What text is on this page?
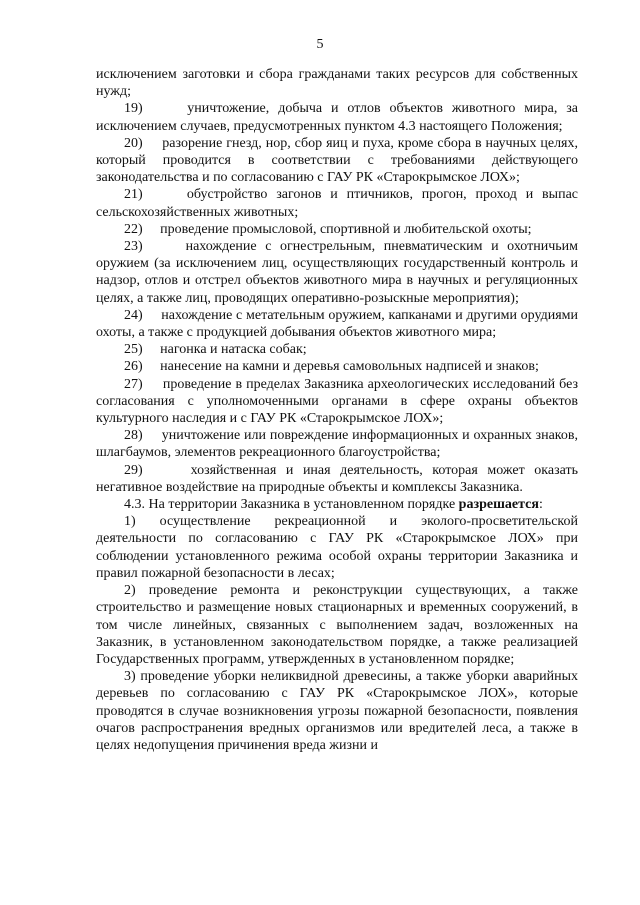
5

исключением заготовки и сбора гражданами таких ресурсов для собственных нужд;

19)     уничтожение, добыча и отлов объектов животного мира, за исключением случаев, предусмотренных пунктом 4.3 настоящего Положения;

20)     разорение гнезд, нор, сбор яиц и пуха, кроме сбора в научных целях, который проводится в соответствии с требованиями действующего законодательства и по согласованию с ГАУ РК «Старокрымское ЛОХ»;

21)     обустройство загонов и птичников, прогон, проход и выпас сельскохозяйственных животных;

22)     проведение промысловой, спортивной и любительской охоты;

23)     нахождение с огнестрельным, пневматическим и охотничьим оружием (за исключением лиц, осуществляющих государственный контроль и надзор, отлов и отстрел объектов животного мира в научных и регуляционных целях, а также лиц, проводящих оперативно-розыскные мероприятия);

24)     нахождение с метательным оружием, капканами и другими орудиями охоты, а также с продукцией добывания объектов животного мира;

25)     нагонка и натаска собак;

26)     нанесение на камни и деревья самовольных надписей и знаков;

27)     проведение в пределах Заказника археологических исследований без согласования с уполномоченными органами в сфере охраны объектов культурного наследия и с ГАУ РК «Старокрымское ЛОХ»;

28)     уничтожение или повреждение информационных и охранных знаков, шлагбаумов, элементов рекреационного благоустройства;

29)     хозяйственная и иная деятельность, которая может оказать негативное воздействие на природные объекты и комплексы Заказника.

4.3. На территории Заказника в установленном порядке разрешается:

1) осуществление рекреационной и эколого-просветительской деятельности по согласованию с ГАУ РК «Старокрымское ЛОХ» при соблюдении установленного режима особой охраны территории Заказника и правил пожарной безопасности в лесах;

2) проведение ремонта и реконструкции существующих, а также строительство и размещение новых стационарных и временных сооружений, в том числе линейных, связанных с выполнением задач, возложенных на Заказник, в установленном законодательством порядке, а также реализацией Государственных программ, утвержденных в установленном порядке;

3) проведение уборки неликвидной древесины, а также уборки аварийных деревьев по согласованию с ГАУ РК «Старокрымское ЛОХ», которые проводятся в случае возникновения угрозы пожарной безопасности, появления очагов распространения вредных организмов или вредителей леса, а также в целях недопущения причинения вреда жизни и
